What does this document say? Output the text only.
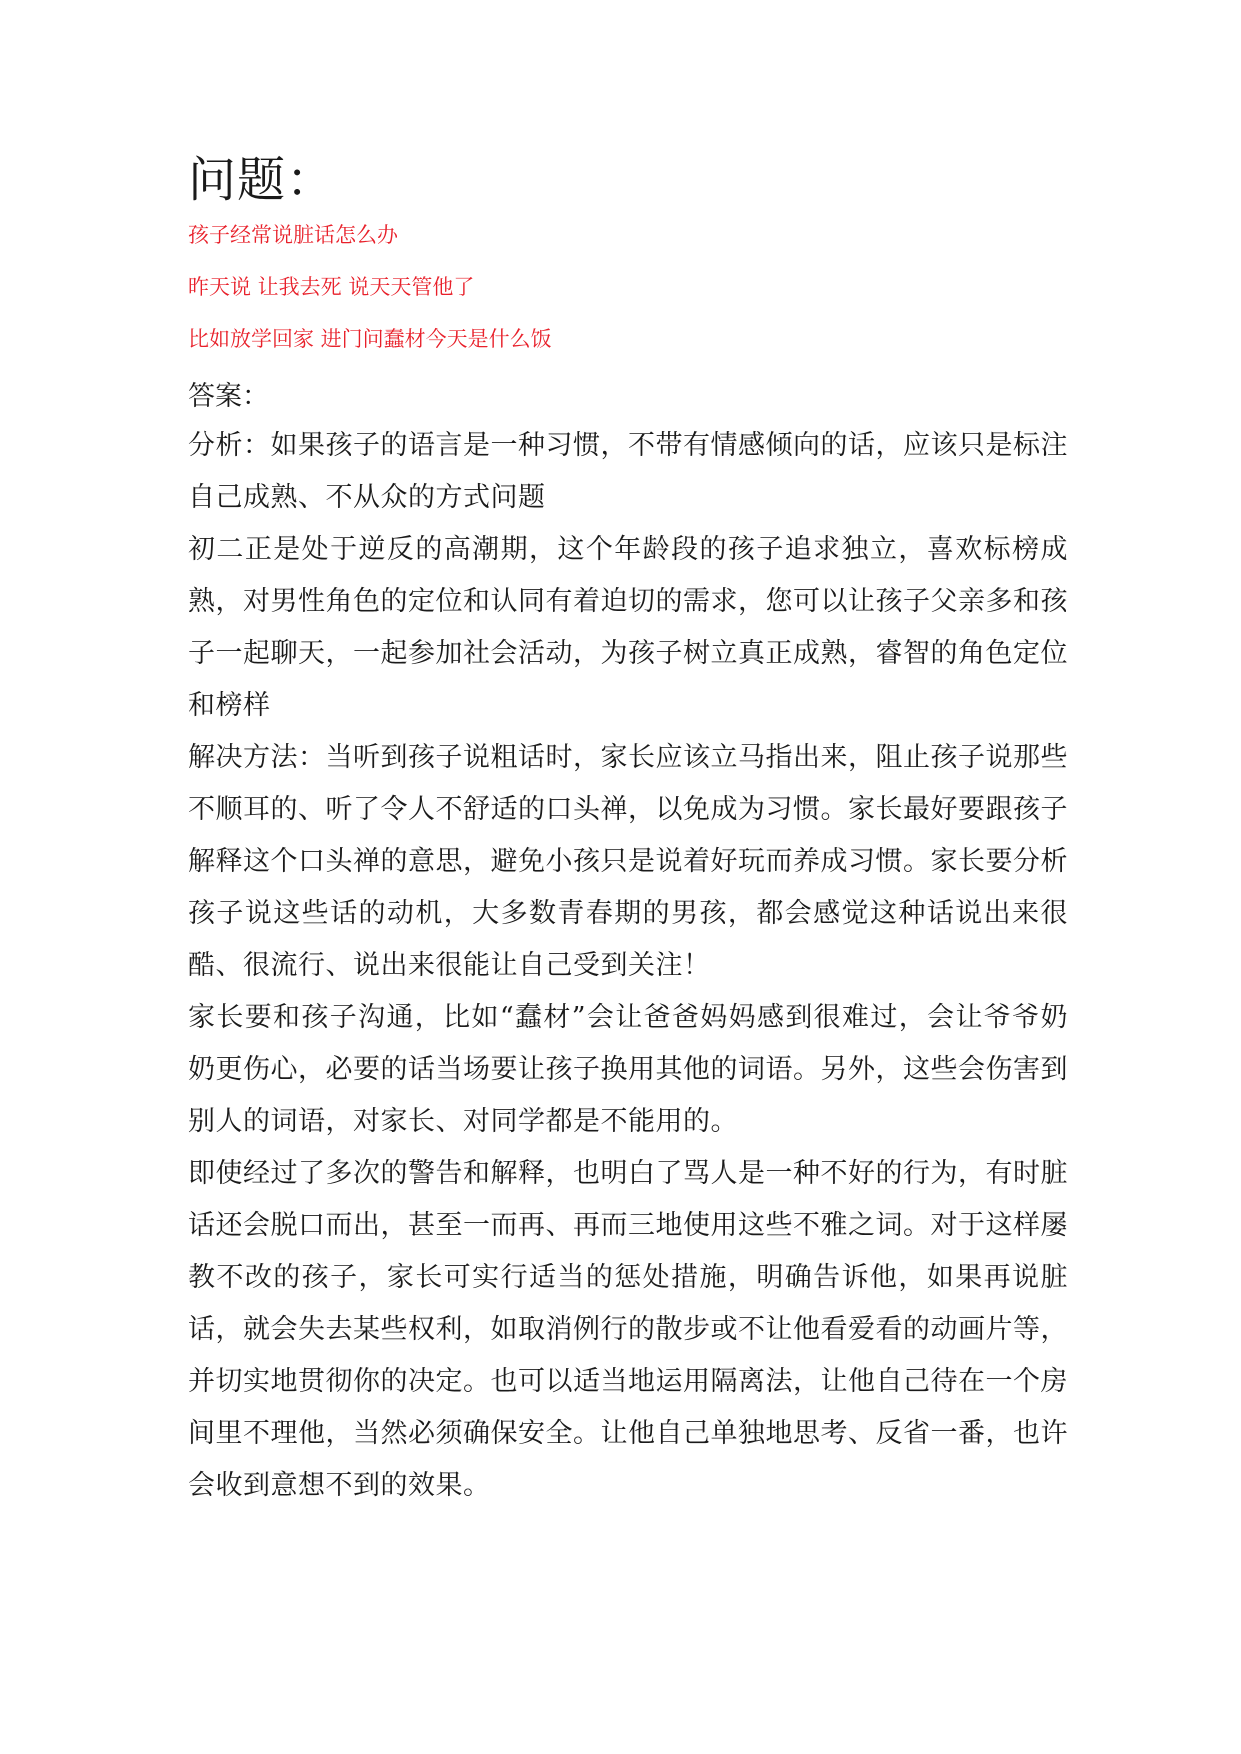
问题：

孩子经常说脏话怎么办

昨天说 让我去死 说天天管他了

比如放学回家 进门问蠢材今天是什么饭

答案：

分析：如果孩子的语言是一种习惯，不带有情感倾向的话，应该只是标注自己成熟、不从众的方式问题

初二正是处于逆反的高潮期，这个年龄段的孩子追求独立，喜欢标榜成熟，对男性角色的定位和认同有着迫切的需求，您可以让孩子父亲多和孩子一起聊天，一起参加社会活动，为孩子树立真正成熟，睿智的角色定位和榜样

解决方法：当听到孩子说粗话时，家长应该立马指出来，阻止孩子说那些不顺耳的、听了令人不舒适的口头禅，以免成为习惯。家长最好要跟孩子解释这个口头禅的意思，避免小孩只是说着好玩而养成习惯。家长要分析孩子说这些话的动机，大多数青春期的男孩，都会感觉这种话说出来很酷、很流行、说出来很能让自己受到关注！

家长要和孩子沟通，比如“蠢材”会让爸爸妈妈感到很难过，会让爷爷奶奶更伤心，必要的话当场要让孩子换用其他的词语。另外，这些会伤害到别人的词语，对家长、对同学都是不能用的。

即使经过了多次的警告和解释，也明白了骂人是一种不好的行为，有时脏话还会脱口而出，甚至一而再、再而三地使用这些不雅之词。对于这样屡教不改的孩子，家长可实行适当的惩处措施，明确告诉他，如果再说脏话，就会失去某些权利，如取消例行的散步或不让他看爱看的动画片等，并切实地贯彻你的决定。也可以适当地运用隔离法，让他自己待在一个房间里不理他，当然必须确保安全。让他自己单独地思考、反省一番，也许会收到意想不到的效果。
